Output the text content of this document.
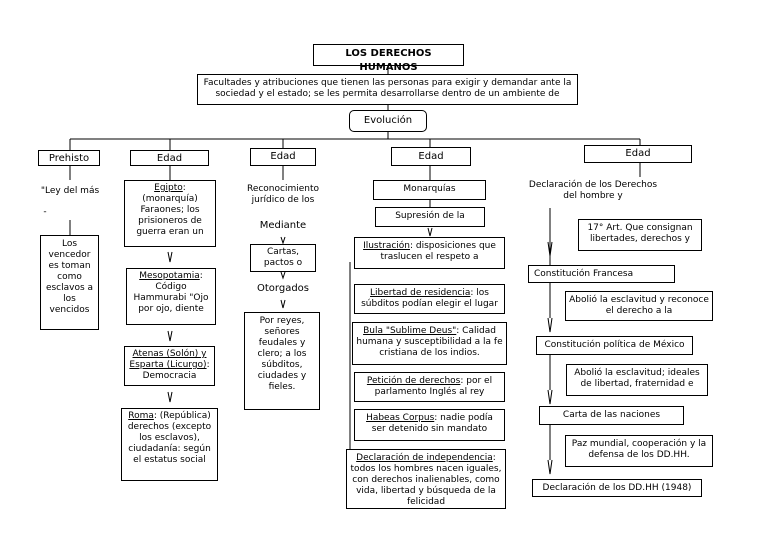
LOS DERECHOS HUMANOS
Facultades y atribuciones que tienen las personas para exigir y demandar ante la sociedad y el estado; se les permita desarrollarse dentro de un ambiente de
Evolución
Prehisto
"Ley del más
-
Los vencedor es toman como esclavos a los vencidos
Edad
Egipto: (monarquía) Faraones; los prisioneros de guerra eran un
Mesopotamia: Código Hammurabi "Ojo por ojo, diente
Atenas (Solón) y Esparta (Licurgo): Democracia
Roma: (República) derechos (excepto los esclavos), ciudadanía: según el estatus social
Edad
Reconocimiento jurídico de los
Mediante
Cartas, pactos o
Otorgados
Por reyes, señores feudales y clero; a los súbditos, ciudades y fieles.
Edad
Monarquías
Supresión de la
Ilustración: disposiciones que traslucen el respeto a
Libertad de residencia: los súbditos podían elegir el lugar
Bula "Sublime Deus": Calidad humana y susceptibilidad a la fe cristiana de los indios.
Petición de derechos: por el parlamento Inglés al rey
Habeas Corpus: nadie podía ser detenido sin mandato
Declaración de independencia: todos los hombres nacen iguales, con derechos inalienables, como vida, libertad y búsqueda de la felicidad
Edad
Declaración de los Derechos del hombre y
17° Art. Que consignan libertades, derechos y
Constitución Francesa
Abolió la esclavitud y reconoce el derecho a la
Constitución política de México
Abolió la esclavitud; ideales de libertad, fraternidad e
Carta de las naciones
Paz mundial, cooperación y la defensa de los DD.HH.
Declaración de los DD.HH (1948)
